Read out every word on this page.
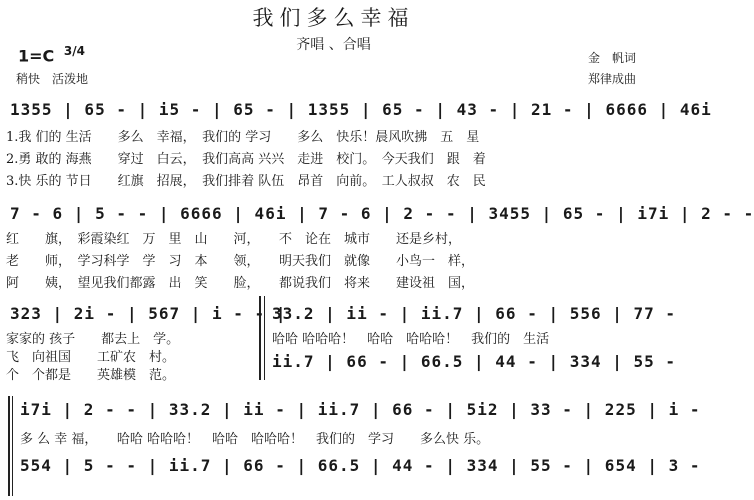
我们多么幸福
齐唱 、合唱
1=C $^{3/4}$
稍快　活泼地
金　帆词
郑律成曲
1355 | 65 - | i5 - | 65 - | 1355 | 65 - | 43 - | 21 - | 6666 | 46i
1.我 们的 生活　　多么　幸福，　我们的 学习　　多么　快乐！晨风吹拂　五　星
2.勇 敢的 海燕　　穿过　白云，　我们高高 兴兴　走进　校门。　今天我们　跟　着
3.快 乐的 节日　　红旗　招展，　我们排着 队伍　昂首　向前。　工人叔叔　农　民
7 - 6 | 5 - - | 6666 | 46i | 7 - 6 | 2 - - | 3455 | 65 - | i7i | 2 - -
红　　旗，　彩霞染红　万　里　山　　河，　　不　论在　城市　　还是乡村，
老　　师，　学习科学　学　习　本　　领，　　明天我们　就像　　小鸟一　样，
阿　　姨，　望见我们都露　出　笑　　脸，　　都说我们　将来　　建设祖　国，
323 | 2i - | 567 | i - - |
33.2 | ii - | ii.7 | 66 - | 556 | 77 -
家家的 孩子　　都去上　学。
飞　向祖国　　工矿农　村。
个　个都是　　英雄模　范。
哈哈 哈哈哈！　哈哈　哈哈哈！　我们的　生活
ii.7 | 66 - | 66.5 | 44 - | 334 | 55 -
i7i | 2 - - | 33.2 | ii - | ii.7 | 66 - | 5i2 | 33 - | 225 | i -
多 么 幸 福，　　哈哈 哈哈哈！　哈哈　哈哈哈！　我们的　学习　　多么快 乐。
554 | 5 - - | ii.7 | 66 - | 66.5 | 44 - | 334 | 55 - | 654 | 3 -
